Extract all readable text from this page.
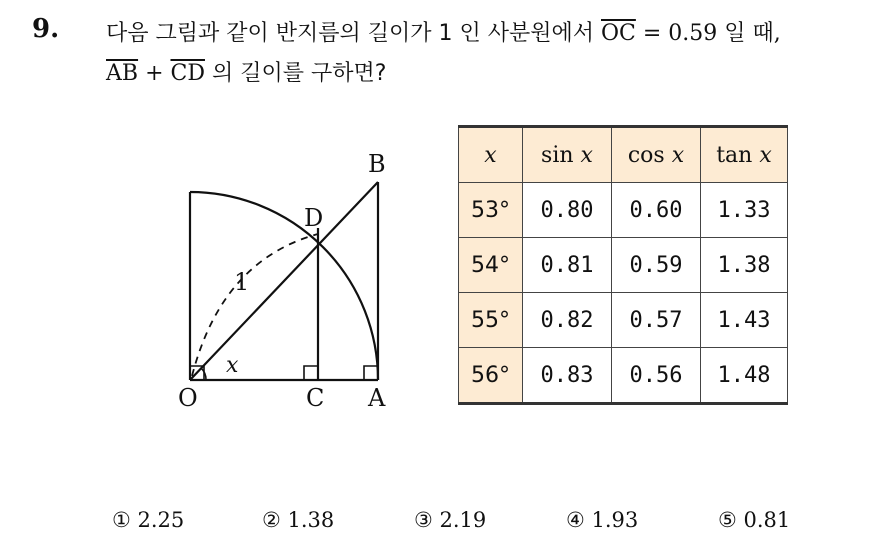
9. 다음 그림과 같이 반지름의 길이가 1 인 사분원에서 $\overline{OC} = 0.59$ 일 때,
$\overline{AB} + \overline{CD}$ 의 길이를 구하면?
B
D
1
x
O	C A
x	sin x	cos x	tan x
53°	0.80	0.60	1.33
54°	0.81	0.59	1.38
55°	0.82	0.57	1.43
56°	0.83	0.56	1.48
① 2.25	② 1.38	③ 2.19	④ 1.93	⑤ 0.81
